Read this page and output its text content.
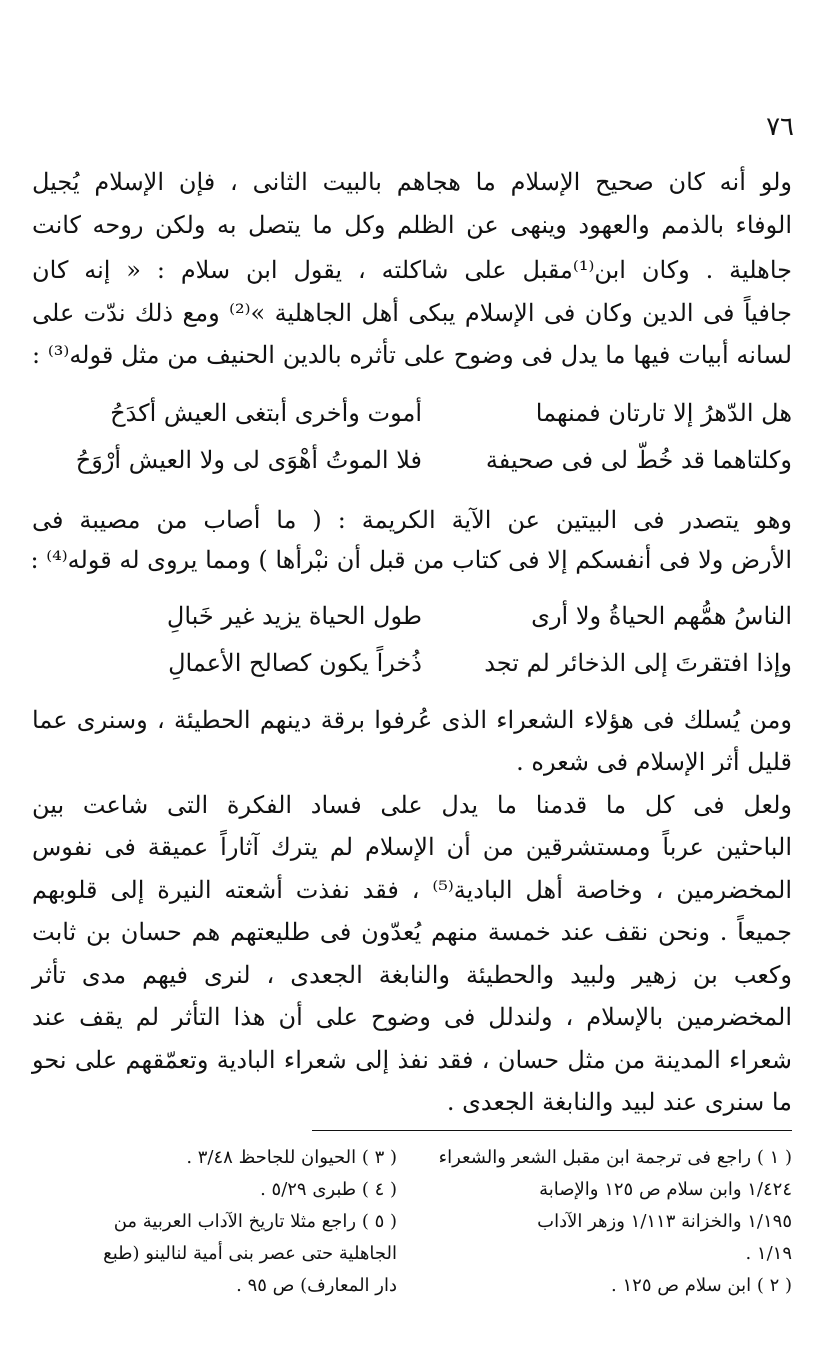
٧٦
ولو أنه كان صحيح الإسلام ما هجاهم بالبيت الثانى ، فإن الإسلام يُجيل
الوفاء بالذمم والعهود وينهى عن الظلم وكل ما يتصل به ولكن روحه كانت
جاهلية . وكان ابن⁽¹⁾مقبل على شاكلته ، يقول ابن سلام : « إنه كان
جافياً فى الدين وكان فى الإسلام يبكى أهل الجاهلية »⁽²⁾ ومع ذلك ندّت على
لسانه أبيات فيها ما يدل فى وضوح على تأثره بالدين الحنيف من مثل قوله⁽³⁾ :
هل الدّهرُ إلا تارتان فمنهما
أموت وأخرى أبتغى العيش أكدَحُ
وكلتاهما قد خُطّ لى فى صحيفة
فلا الموتُ أهْوَى لى ولا العيش أرْوَحُ
وهو يتصدر فى البيتين عن الآية الكريمة : ( ما أصاب من مصيبة فى
الأرض ولا فى أنفسكم إلا فى كتاب من قبل أن نبْرأها ) ومما يروى له قوله⁽⁴⁾ :
الناسُ همُّهم الحياةُ ولا أرى
طول الحياة يزيد غير خَبالِ
وإذا افتقرتَ إلى الذخائر لم تجد
ذُخراً يكون كصالح الأعمالِ
ومن يُسلك فى هؤلاء الشعراء الذى عُرفوا برقة دينهم الحطيئة ، وسنرى عما
قليل أثر الإسلام فى شعره .
ولعل فى كل ما قدمنا ما يدل على فساد الفكرة التى شاعت بين
الباحثين عرباً ومستشرقين من أن الإسلام لم يترك آثاراً عميقة فى نفوس
المخضرمين ، وخاصة أهل البادية⁽⁵⁾ ، فقد نفذت أشعته النيرة إلى قلوبهم
جميعاً . ونحن نقف عند خمسة منهم يُعدّون فى طليعتهم هم حسان بن ثابت
وكعب بن زهير ولبيد والحطيئة والنابغة الجعدى ، لنرى فيهم مدى تأثر
المخضرمين بالإسلام ، ولندلل فى وضوح على أن هذا التأثر لم يقف عند
شعراء المدينة من مثل حسان ، فقد نفذ إلى شعراء البادية وتعمّقهم على نحو
ما سنرى عند لبيد والنابغة الجعدى .
( ١ ) راجع فى ترجمة ابن مقبل الشعر والشعراء
١/٤٢٤ وابن سلام ص ١٢٥ والإصابة
١/١٩٥ والخزانة ١/١١٣ وزهر الآداب
١/١٩ .
( ٢ ) ابن سلام ص ١٢٥ .
( ٣ ) الحيوان للجاحظ ٣/٤٨ .
( ٤ ) طبرى ٥/٢٩ .
( ٥ ) راجع مثلا تاريخ الآداب العربية من
الجاهلية حتى عصر بنى أمية لنالينو (طبع
دار المعارف) ص ٩٥ .
